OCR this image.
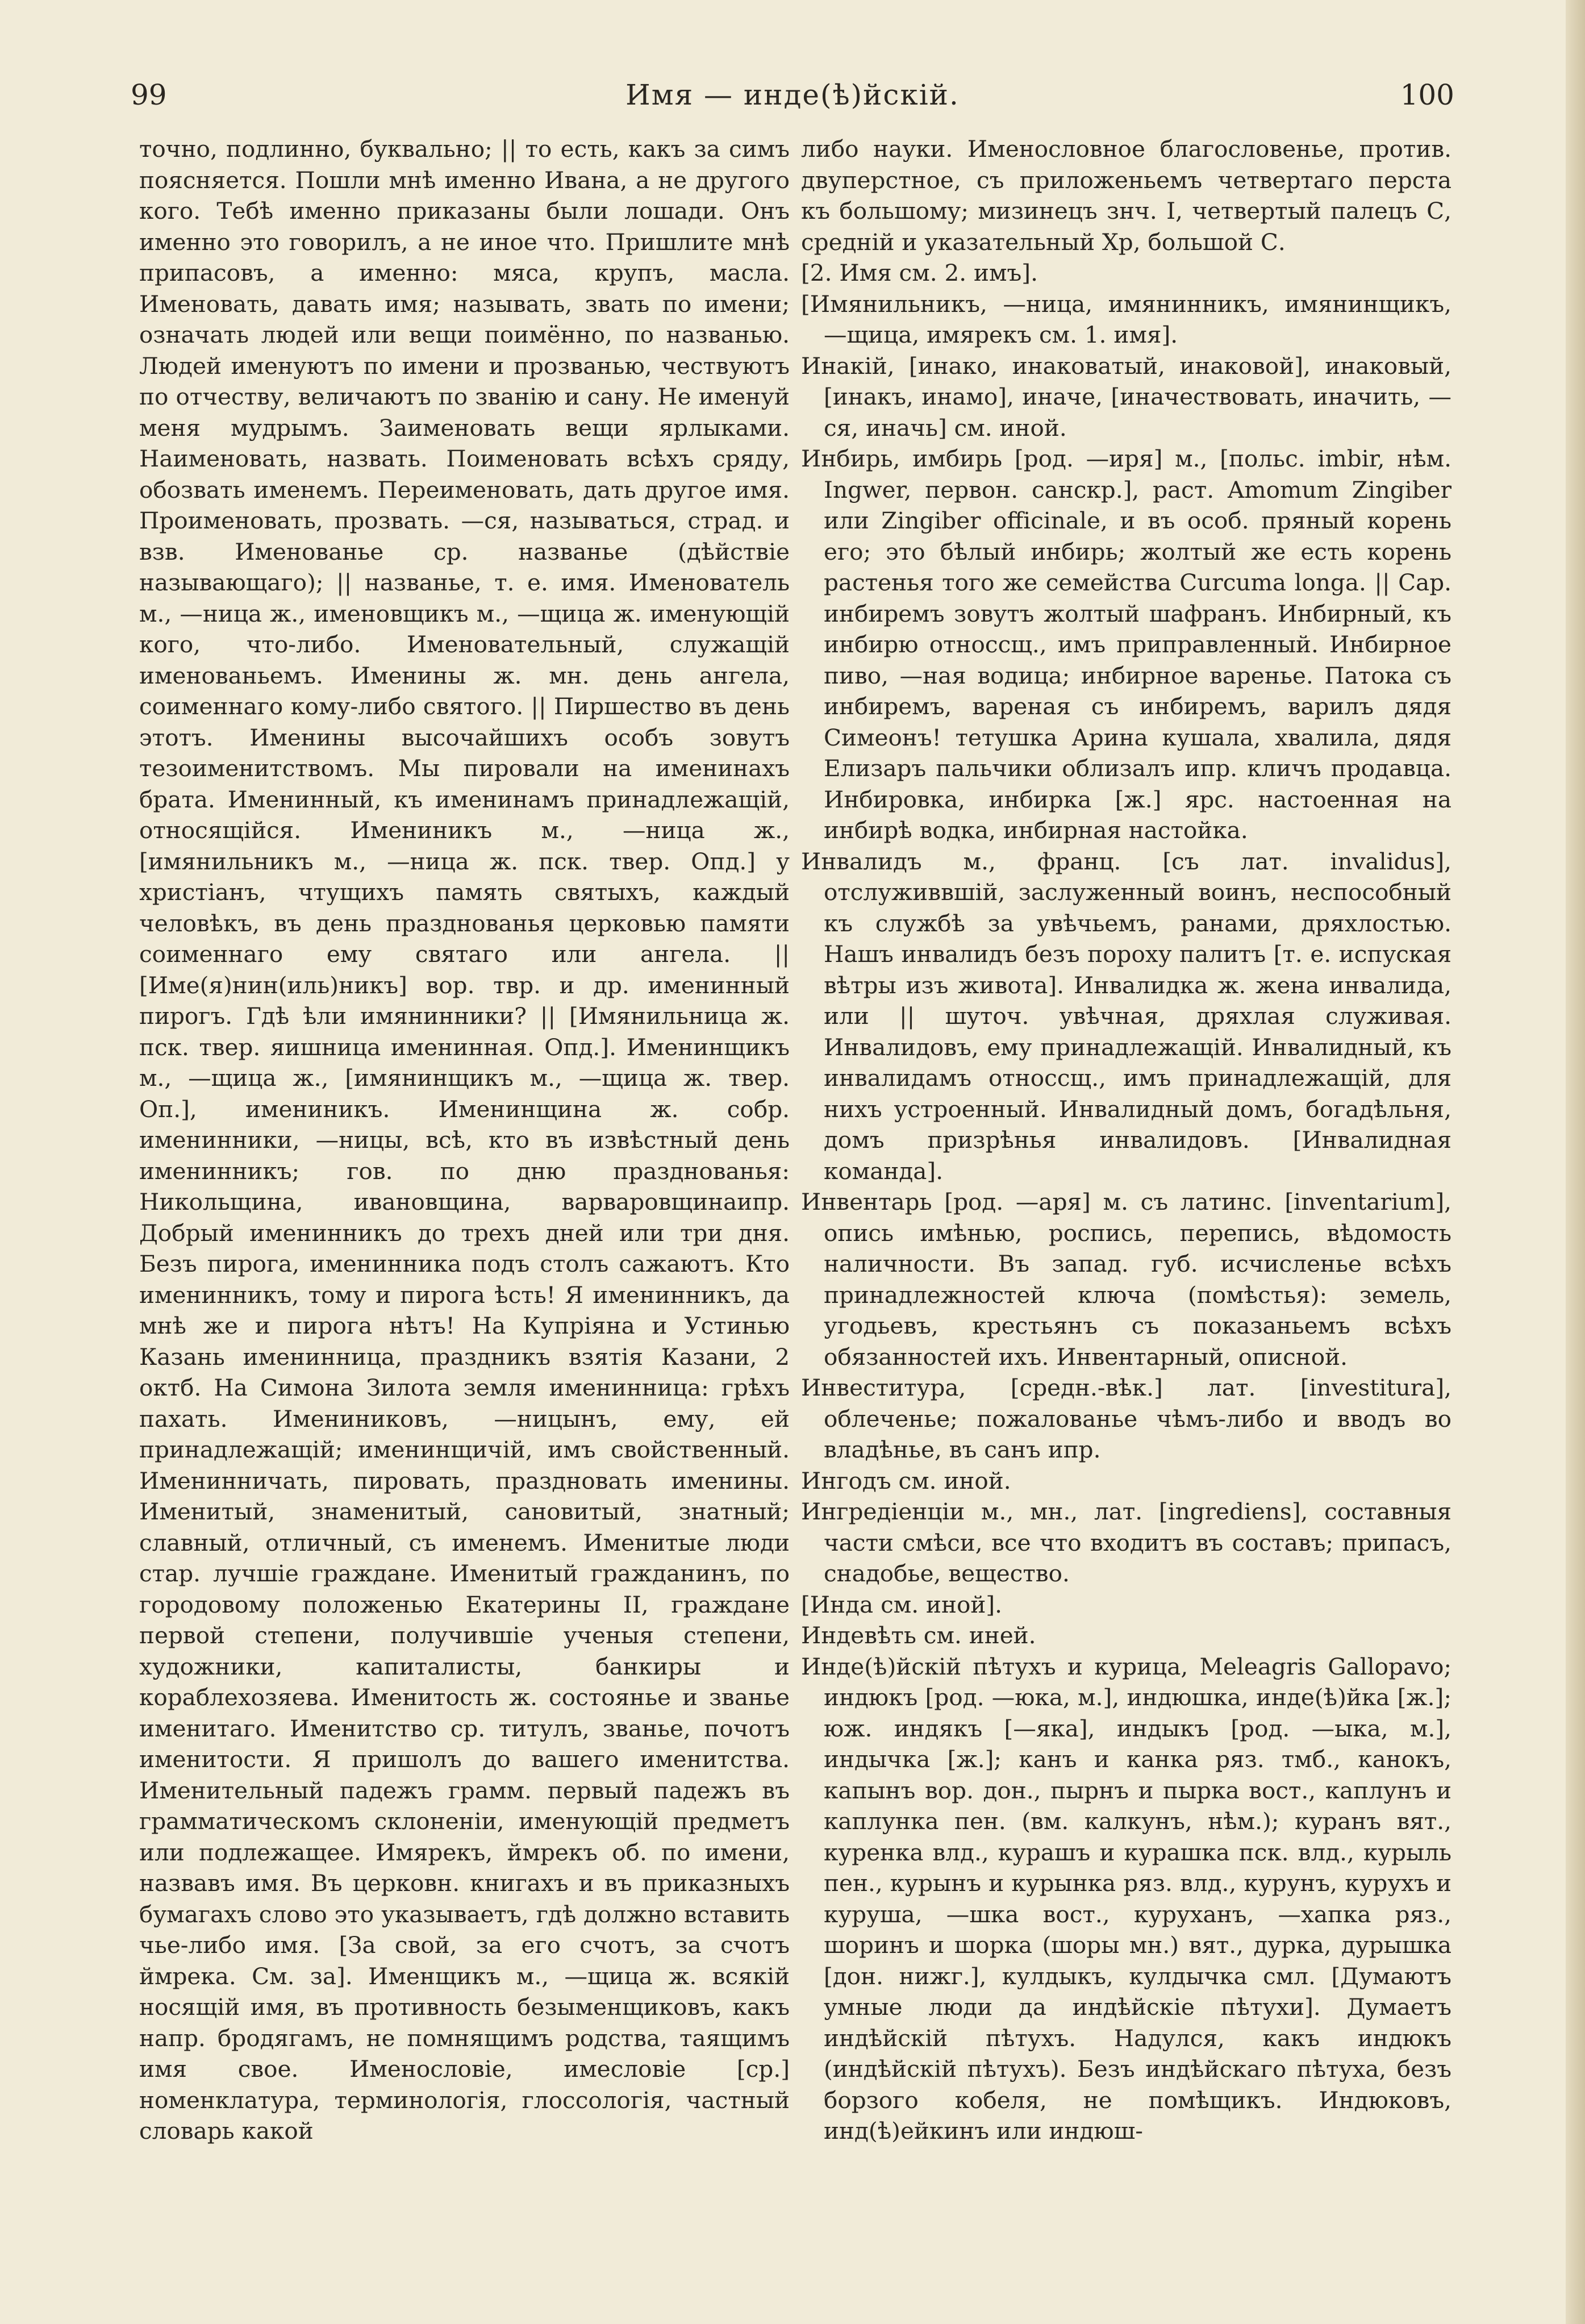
99	Имя — инде(ѣ)йскій.	100

точно, подлинно, буквально; || то есть, какъ за симъ поясняется. Пошли мнѣ именно Ивана, а не другого кого. Тебѣ именно приказаны были лошади. Онъ именно это говорилъ, а не иное что. Пришлите мнѣ припасовъ, а именно: мяса, крупъ, масла. Именовать, давать имя; называть, звать по имени; означать людей или вещи поимённо, по названью. Людей именуютъ по имени и прозванью, чествуютъ по отчеству, величаютъ по званію и сану. Не именуй меня мудрымъ. Заименовать вещи ярлыками. Наименовать, назвать. Поименовать всѣхъ сряду, обозвать именемъ. Переименовать, дать другое имя. Проименовать, прозвать. —ся, называться, страд. и взв. Именованье ср. названье (дѣйствіе называющаго); || названье, т. е. имя. Именователь м., —ница ж., именовщикъ м., —щица ж. именующій кого, что-либо. Именовательный, служащій именованьемъ. Именины ж. мн. день ангела, соименнаго кому-либо святого. || Пиршество въ день этотъ. Именины высочайшихъ особъ зовутъ тезоименитствомъ. Мы пировали на именинахъ брата. Именинный, къ именинамъ принадлежащій, относящійся. Имениникъ м., —ница ж., [имянильникъ м., —ница ж. пск. твер. Опд.] у христіанъ, чтущихъ память святыхъ, каждый человѣкъ, въ день празднованья церковью памяти соименнаго ему святаго или ангела. || [Име(я)нин(иль)никъ] вор. твр. и др. именинный пирогъ. Гдѣ ѣли имянинники? || [Имянильница ж. пск. твер. яишница именинная. Опд.]. Именинщикъ м., —щица ж., [имянинщикъ м., —щица ж. твер. Оп.], имениникъ. Именинщина ж. собр. именинники, —ницы, всѣ, кто въ извѣстный день именинникъ; гов. по дню празднованья: Никольщина, ивановщина, варваровщинаипр. Добрый именинникъ до трехъ дней или три дня. Безъ пирога, именинника подъ столъ сажаютъ. Кто именинникъ, тому и пирога ѣсть! Я именинникъ, да мнѣ же и пирога нѣтъ! На Купріяна и Устинью Казань именинница, праздникъ взятія Казани, 2 октб. На Симона Зилота земля именинница: грѣхъ пахать. Имениниковъ, —ницынъ, ему, ей принадлежащій; именинщичій, имъ свойственный. Именинничать, пировать, праздновать именины. Именитый, знаменитый, сановитый, знатный; славный, отличный, съ именемъ. Именитые люди стар. лучшіе граждане. Именитый гражданинъ, по городовому положенью Екатерины II, граждане первой степени, получившіе ученыя степени, художники, капиталисты, банкиры и кораблехозяева. Именитость ж. состоянье и званье именитаго. Именитство ср. титулъ, званье, почотъ именитости. Я пришолъ до вашего именитства. Именительный падежъ грамм. первый падежъ въ грамматическомъ склоненіи, именующій предметъ или подлежащее. Имярекъ, ймрекъ об. по имени, назвавъ имя. Въ церковн. книгахъ и въ приказныхъ бумагахъ слово это указываетъ, гдѣ должно вставить чье-либо имя. [За свой, за его счотъ, за счотъ ймрека. См. за]. Именщикъ м., —щица ж. всякій носящій имя, въ противность безыменщиковъ, какъ напр. бродягамъ, не помнящимъ родства, таящимъ имя свое. Именословіе, имесловіе [ср.] номенклатура, терминологія, глоссологія, частный словарь какой

либо науки. Именословное благословенье, против. двуперстное, съ приложеньемъ четвертаго перста къ большому; мизинецъ знч. І, четвертый палецъ С, средній и указательный Хр, большой С.

[2. Имя см. 2. имъ].

[Имянильникъ, —ница, имянинникъ, имянинщикъ, —щица, имярекъ см. 1. имя].

Инакій, [инако, инаковатый, инаковой], инаковый, [инакъ, инамо], иначе, [иначествовать, иначить, —ся, иначь] см. иной.

Инбирь, имбирь [род. —иря] м., [польс. imbir, нѣм. Ingwer, первон. санскр.], раст. Amomum Zingiber или Zingiber officinale, и въ особ. пряный корень его; это бѣлый инбирь; жолтый же есть корень растенья того же семейства Curcuma longa. || Сар. инбиремъ зовутъ жолтый шафранъ. Инбирный, къ инбирю относсщ., имъ приправленный. Инбирное пиво, —ная водица; инбирное варенье. Патока съ инбиремъ, вареная съ инбиремъ, варилъ дядя Симеонъ! тетушка Арина кушала, хвалила, дядя Елизаръ пальчики облизалъ ипр. кличъ продавца. Инбировка, инбирка [ж.] ярс. настоенная на инбирѣ водка, инбирная настойка.

Инвалидъ м., франц. [съ лат. invalidus], отслуживвшій, заслуженный воинъ, неспособный къ службѣ за увѣчьемъ, ранами, дряхлостью. Нашъ инвалидъ безъ пороху палитъ [т. е. испуская вѣтры изъ живота]. Инвалидка ж. жена инвалида, или || шуточ. увѣчная, дряхлая служивая. Инвалидовъ, ему принадлежащій. Инвалидный, къ инвалидамъ относсщ., имъ принадлежащій, для нихъ устроенный. Инвалидный домъ, богадѣльня, домъ призрѣнья инвалидовъ. [Инвалидная команда].

Инвентарь [род. —аря] м. съ латинс. [inventarium], опись имѣнью, роспись, перепись, вѣдомость наличности. Въ запад. губ. исчисленье всѣхъ принадлежностей ключа (помѣстья): земель, угодьевъ, крестьянъ съ показаньемъ всѣхъ обязанностей ихъ. Инвентарный, описной.

Инвеститура, [средн.-вѣк.] лат. [investitura], облеченье; пожалованье чѣмъ-либо и вводъ во владѣнье, въ санъ ипр.

Ингодъ см. иной.

Ингредіенціи м., мн., лат. [ingrediens], составныя части смѣси, все что входитъ въ составъ; припасъ, снадобье, вещество.

[Инда см. иной].

Индевѣть см. иней.

Инде(ѣ)йскій пѣтухъ и курица, Meleagris Gallopavo; индюкъ [род. —юка, м.], индюшка, инде(ѣ)йка [ж.]; юж. индякъ [—яка], индыкъ [род. —ыка, м.], индычка [ж.]; канъ и канка ряз. тмб., канокъ, капынъ вор. дон., пырнъ и пырка вост., каплунъ и каплунка пен. (вм. калкунъ, нѣм.); куранъ вят., куренка влд., курашъ и курашка пск. влд., курыль пен., курынъ и курынка ряз. влд., курунъ, куруxъ и куруша, —шка вост., куруханъ, —хапка ряз., шоринъ и шорка (шоры мн.) вят., дурка, дурышка [дон. нижг.], кулдыкъ, кулдычка смл. [Думаютъ умные люди да индѣйскіе пѣтухи]. Думаетъ индѣйскій пѣтухъ. Надулся, какъ индюкъ (индѣйскій пѣтухъ). Безъ индѣйскаго пѣтуха, безъ борзого кобеля, не помѣщикъ. Индюковъ, инд(ѣ)ейкинъ или индюш-
